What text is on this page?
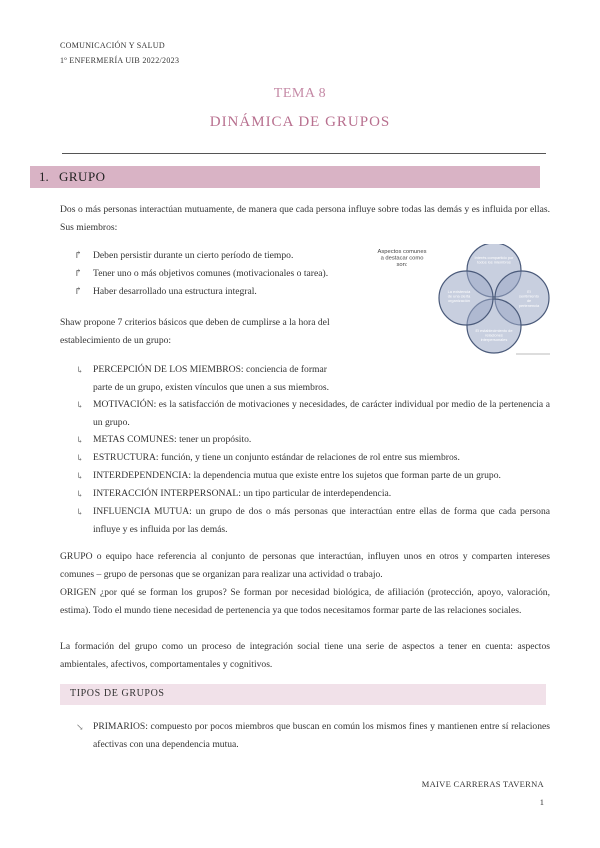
COMUNICACIÓN Y SALUD
1º ENFERMERÍA UIB 2022/2023
TEMA 8
DINÁMICA DE GRUPOS
1. GRUPO
Dos o más personas interactúan mutuamente, de manera que cada persona influye sobre todas las demás y es influida por ellas. Sus miembros:
↱ Deben persistir durante un cierto período de tiempo.
↱ Tener uno o más objetivos comunes (motivacionales o tarea).
↱ Haber desarrollado una estructura integral.
Aspectos comunes a destacar como son:
Interés compartido por todos los miembros
El sentimiento de pertenencia
El establecimiento de relaciones interpersonales
La existencia de una cierta organización
Shaw propone 7 criterios básicos que deben de cumplirse a la hora del establecimiento de un grupo:
↳ PERCEPCIÓN DE LOS MIEMBROS: conciencia de formar
parte de un grupo, existen vínculos que unen a sus miembros.
↳ MOTIVACIÓN: es la satisfacción de motivaciones y necesidades, de carácter individual por medio de la pertenencia a un grupo.
↳ METAS COMUNES: tener un propósito.
↳ ESTRUCTURA: función, y tiene un conjunto estándar de relaciones de rol entre sus miembros.
↳ INTERDEPENDENCIA: la dependencia mutua que existe entre los sujetos que forman parte de un grupo.
↳ INTERACCIÓN INTERPERSONAL: un tipo particular de interdependencia.
↳ INFLUENCIA MUTUA: un grupo de dos o más personas que interactúan entre ellas de forma que cada persona influye y es influida por las demás.
GRUPO o equipo hace referencia al conjunto de personas que interactúan, influyen unos en otros y comparten intereses comunes – grupo de personas que se organizan para realizar una actividad o trabajo.
ORIGEN ¿por qué se forman los grupos? Se forman por necesidad biológica, de afiliación (protección, apoyo, valoración, estima). Todo el mundo tiene necesidad de pertenencia ya que todos necesitamos formar parte de las relaciones sociales.
La formación del grupo como un proceso de integración social tiene una serie de aspectos a tener en cuenta: aspectos ambientales, afectivos, comportamentales y cognitivos.
TIPOS DE GRUPOS
↘ PRIMARIOS: compuesto por pocos miembros que buscan en común los mismos fines y mantienen entre sí relaciones afectivas con una dependencia mutua.
MAIVE CARRERAS TAVERNA
1
